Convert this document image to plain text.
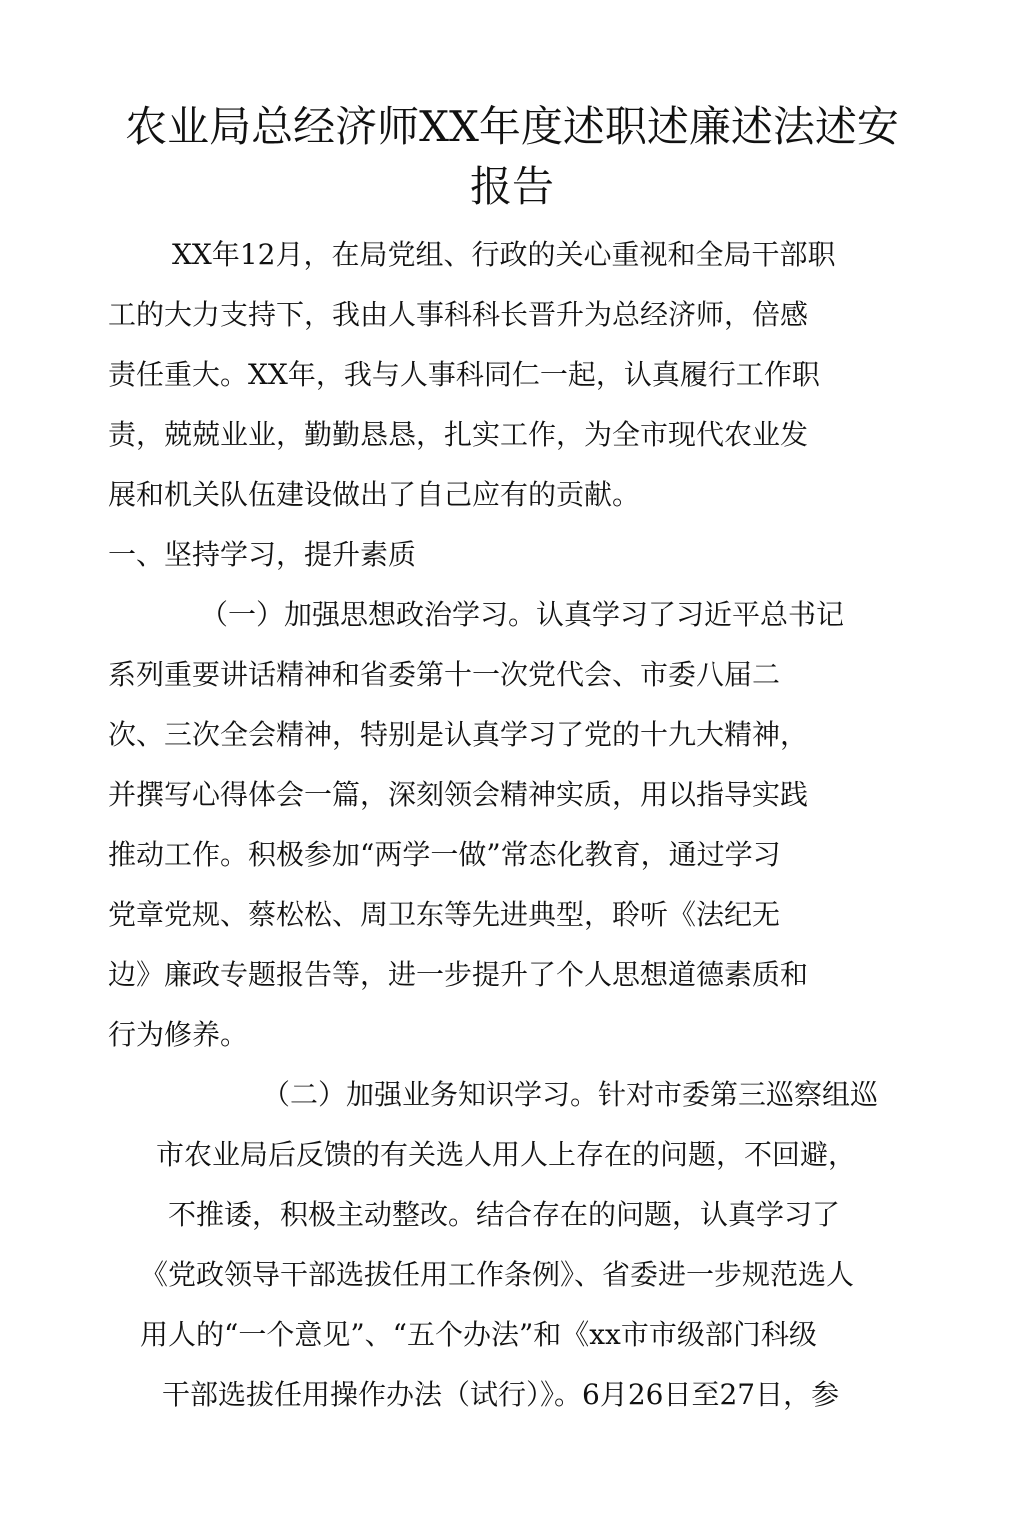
农业局总经济师XX年度述职述廉述法述安
报告
XX年12月，在局党组、行政的关心重视和全局干部职
工的大力支持下，我由人事科科长晋升为总经济师，倍感
责任重大。XX年，我与人事科同仁一起，认真履行工作职
责，兢兢业业，勤勤恳恳，扎实工作，为全市现代农业发
展和机关队伍建设做出了自己应有的贡献。
一、坚持学习，提升素质
（一）加强思想政治学习。认真学习了习近平总书记
系列重要讲话精神和省委第十一次党代会、市委八届二
次、三次全会精神，特别是认真学习了党的十九大精神，
并撰写心得体会一篇，深刻领会精神实质，用以指导实践
推动工作。积极参加“两学一做”常态化教育，通过学习
党章党规、蔡松松、周卫东等先进典型，聆听《法纪无
边》廉政专题报告等，进一步提升了个人思想道德素质和
行为修养。
（二）加强业务知识学习。针对市委第三巡察组巡
市农业局后反馈的有关选人用人上存在的问题，不回避，
不推诿，积极主动整改。结合存在的问题，认真学习了
《党政领导干部选拔任用工作条例》、省委进一步规范选人
用人的“一个意见”、“五个办法”和《xx市市级部门科级
干部选拔任用操作办法（试行）》。6月26日至27日，参
